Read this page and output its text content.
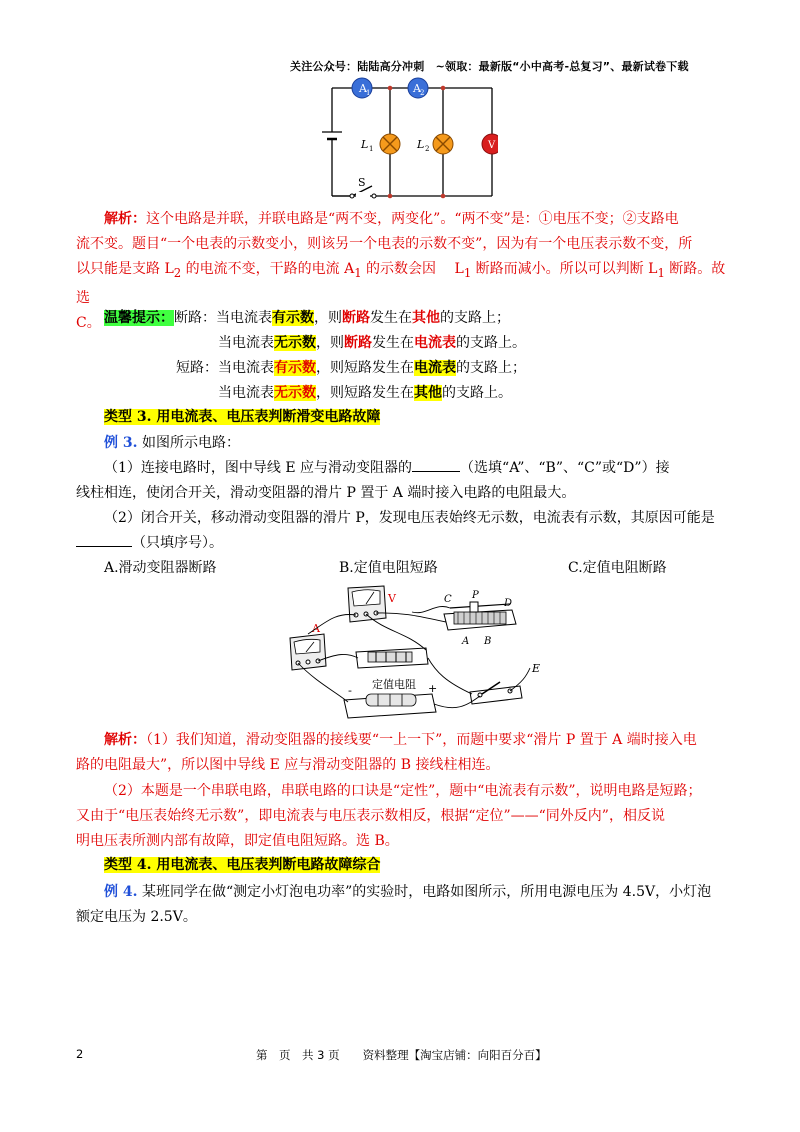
关注公众号：陆陆高分冲刺　~领取：最新版“小中高考-总复习”、最新试卷下载
A 1	A 2
L 1	L 2	V
S
解析：这个电路是并联，并联电路是“两不变，两变化”。“两不变”是：①电压不变；②支路电
流不变。题目“一个电表的示数变小，则该另一个电表的示数不变”，因为有一个电压表示数不变，所
以只能是支路 $L_2$ 的电流不变，干路的电流 $A_1$ 的示数会因　 $L_1$ 断路而减小。所以可以判断 $L_1$ 断路。故选
C。 温馨提示：断路：当电流表有示数，则断路发生在其他的支路上；
当电流表无示数，则断路发生在电流表的支路上。
短路：当电流表有示数，则短路发生在电流表的支路上；
当电流表无示数，则短路发生在其他的支路上。
类型 3. 用电流表、电压表判断滑变电路故障
例 3. 如图所示电路：
（1）连接电路时，图中导线 E 应与滑动变阻器的	（选填“A”、“B”、“C”或“D”）接
线柱相连，使闭合开关，滑动变阻器的滑片 P 置于 A 端时接入电路的电阻最大。
（2）闭合开关，移动滑动变阻器的滑片 P，发现电压表始终无示数，电流表有示数，其原因可能是
（只填序号）。
A.滑动变阻器断路	B.定值电阻短路	C.定值电阻断路
V
A
C P
D
A B
E
定值电阻
-	+
解析：（1）我们知道，滑动变阻器的接线要“一上一下”，而题中要求“滑片 P 置于 A 端时接入电
路的电阻最大”，所以图中导线 E 应与滑动变阻器的 B 接线柱相连。
（2）本题是一个串联电路，串联电路的口诀是“定性”，题中“电流表有示数”，说明电路是短路；
又由于“电压表始终无示数”，即电流表与电压表示数相反，根据“定位”——“同外反内”，相反说
明电压表所测内部有故障，即定值电阻短路。选 B。
类型 4. 用电流表、电压表判断电路故障综合
例 4. 某班同学在做“测定小灯泡电功率”的实验时，电路如图所示，所用电源电压为 4.5V，小灯泡
额定电压为 2.5V。
2	第　页　共 3 页　　资料整理【淘宝店铺：向阳百分百】
